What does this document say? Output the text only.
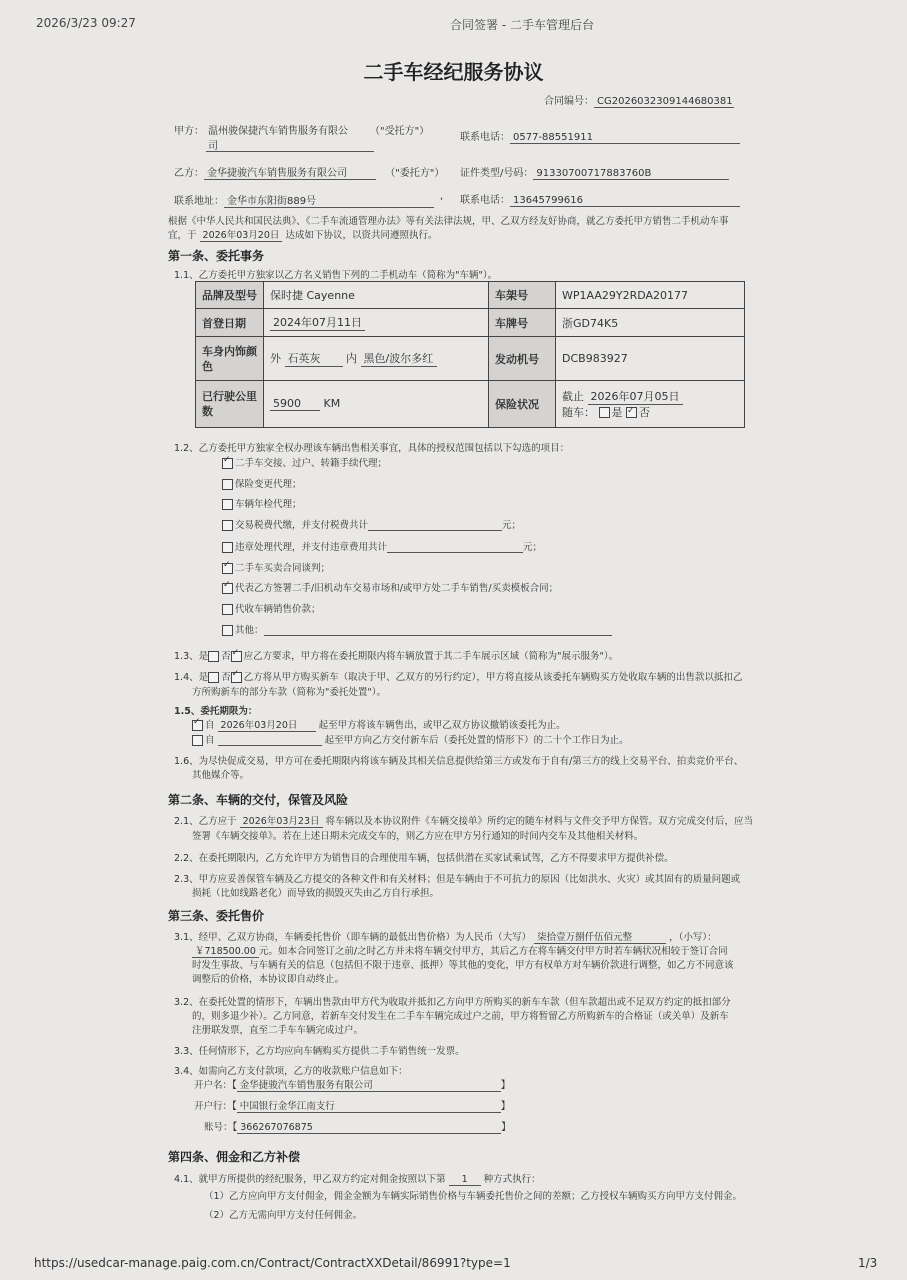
2026/3/23 09:27	合同签署 - 二手车管理后台
二手车经纪服务协议
合同编号： CG2026032309144680381
甲方： 温州骏保捷汽车销售服务有限公 （"受托方"）
司
联系电话： 0577-88551911
乙方： 金华捷骏汽车销售服务有限公司	（"委托方"） 证件类型/号码： 91330700717883760B
联系地址： 金华市东阳街889号	, 联系电话： 13645799616
根据《中华人民共和国民法典》、《二手车流通管理办法》等有关法律法规，甲、乙双方经友好协商，就乙方委托甲方销售二手机动车事
宜，于 2026年03月20日 达成如下协议，以资共同遵照执行。
第一条、委托事务
1.1、乙方委托甲方独家以乙方名义销售下列的二手机动车（简称为"车辆"）。
品牌及型号	保时捷 Cayenne	车架号	WP1AA29Y2RDA20177
首登日期	2024年07月11日	车牌号	浙GD74K5
车身内饰颜
色	外 石英灰 内 黑色/波尔多红	发动机号	DCB983927
已行驶公里
数	5900 KM	保险状况	截止 2026年07月05日
随车： 是 ✓ 否
1.2、乙方委托甲方独家全权办理该车辆出售相关事宜，具体的授权范围包括以下勾选的项目：
✓二手车交接、过户、转籍手续代理；
保险变更代理；
车辆年检代理；
交易税费代缴，并支付税费共计	元；
违章处理代理，并支付违章费用共计	元；
✓二手车买卖合同谈判；
✓代表乙方签署二手/旧机动车交易市场和/或甲方处二手车销售/买卖模板合同；
代收车辆销售价款；
其他：
1.3、是 否 ✓ 应乙方要求，甲方将在委托期限内将车辆放置于其二手车展示区域（简称为"展示服务"）。
1.4、是 否 ✓ 乙方将从甲方购买新车（取决于甲、乙双方的另行约定），甲方将直接从该委托车辆购买方处收取车辆的出售款以抵扣乙
方所购新车的部分车款（简称为"委托处置"）。
1.5、委托期限为：
✓自 2026年03月20日 起至甲方将该车辆售出，或甲乙双方协议撤销该委托为止。
自	起至甲方向乙方交付新车后（委托处置的情形下）的二十个工作日为止。
1.6、为尽快促成交易，甲方可在委托期限内将该车辆及其相关信息提供给第三方或发布于自有/第三方的线上交易平台、拍卖竞价平台、
其他媒介等。
第二条、车辆的交付，保管及风险
2.1、乙方应于 2026年03月23日 将车辆以及本协议附件《车辆交接单》所约定的随车材料与文件交予甲方保管。双方完成交付后，应当
签署《车辆交接单》。若在上述日期未完成交车的，则乙方应在甲方另行通知的时间内交车及其他相关材料。
2.2、在委托期限内，乙方允许甲方为销售目的合理使用车辆，包括供潜在买家试乘试驾，乙方不得要求甲方提供补偿。
2.3、甲方应妥善保管车辆及乙方提交的各种文件和有关材料；但是车辆由于不可抗力的原因（比如洪水、火灾）或其固有的质量问题或
损耗（比如线路老化）而导致的损毁灭失由乙方自行承担。
第三条、委托售价
3.1、经甲、乙双方协商，车辆委托售价（即车辆的最低出售价格）为人民币（大写） 柒拾壹万捌仟伍佰元整	，（小写）：
￥718500.00 元。如本合同签订之前/之时乙方并未将车辆交付甲方，其后乙方在将车辆交付甲方时若车辆状况相较于签订合同
时发生事故、与车辆有关的信息（包括但不限于违章、抵押）等其他的变化，甲方有权单方对车辆价款进行调整，如乙方不同意该
调整后的价格，本协议即自动终止。
3.2、在委托处置的情形下，车辆出售款由甲方代为收取并抵扣乙方向甲方所购买的新车车款（但车款超出或不足双方约定的抵扣部分
的，则多退少补）。乙方同意，若新车交付发生在二手车车辆完成过户之前，甲方将暂留乙方所购新车的合格证（或关单）及新车
注册联发票，直至二手车车辆完成过户。
3.3、任何情形下，乙方均应向车辆购买方提供二手车销售统一发票。
3.4、如需向乙方支付款项，乙方的收款账户信息如下：
开户名：【 金华捷骏汽车销售服务有限公司	】
开户行：【 中国银行金华江南支行	】
账号：【 366267076875	】
第四条、佣金和乙方补偿
4.1、就甲方所提供的经纪服务，甲乙双方约定对佣金按照以下第 1 种方式执行：
（1）乙方应向甲方支付佣金，佣金金额为车辆实际销售价格与车辆委托售价之间的差额；乙方授权车辆购买方向甲方支付佣金。
（2）乙方无需向甲方支付任何佣金。
https://usedcar-manage.paig.com.cn/Contract/ContractXXDetail/86991?type=1	1/3
